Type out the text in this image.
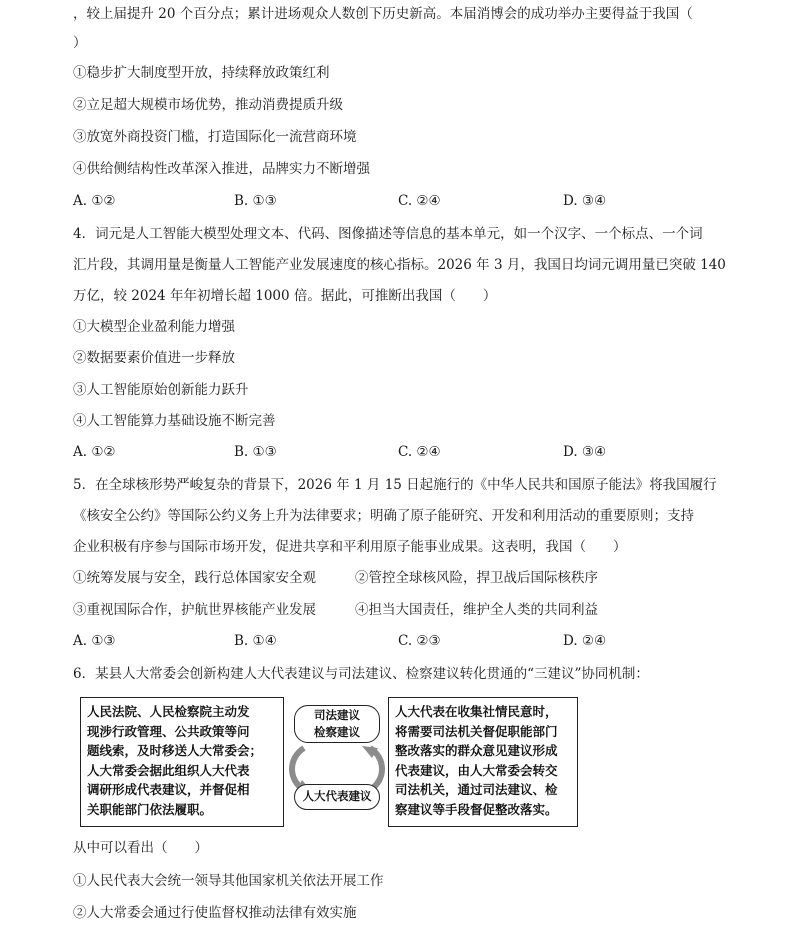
，较上届提升 20 个百分点；累计进场观众人数创下历史新高。本届消博会的成功举办主要得益于我国（
）
①稳步扩大制度型开放，持续释放政策红利
②立足超大规模市场优势，推动消费提质升级
③放宽外商投资门槛，打造国际化一流营商环境
④供给侧结构性改革深入推进，品牌实力不断增强
A. ①②	B. ①③	C. ②④	D. ③④
4．词元是人工智能大模型处理文本、代码、图像描述等信息的基本单元，如一个汉字、一个标点、一个词
汇片段，其调用量是衡量人工智能产业发展速度的核心指标。2026 年 3 月，我国日均词元调用量已突破 140
万亿，较 2024 年年初增长超 1000 倍。据此，可推断出我国（　　）
①大模型企业盈利能力增强
②数据要素价值进一步释放
③人工智能原始创新能力跃升
④人工智能算力基础设施不断完善
A. ①②	B. ①③	C. ②④	D. ③④
5．在全球核形势严峻复杂的背景下，2026 年 1 月 15 日起施行的《中华人民共和国原子能法》将我国履行
《核安全公约》等国际公约义务上升为法律要求；明确了原子能研究、开发和利用活动的重要原则；支持
企业积极有序参与国际市场开发，促进共享和平利用原子能事业成果。这表明，我国（　　）
①统筹发展与安全，践行总体国家安全观	②管控全球核风险，捍卫战后国际核秩序
③重视国际合作，护航世界核能产业发展	④担当大国责任，维护全人类的共同利益
A. ①③	B. ①④	C. ②③	D. ②④
6．某县人大常委会创新构建人大代表建议与司法建议、检察建议转化贯通的“三建议”协同机制：
人民法院、人民检察院主动发
现涉行政管理、公共政策等问
题线索，及时移送人大常委会；
人大常委会据此组织人大代表
调研形成代表建议，并督促相
关职能部门依法履职。
司法建议
检察建议
人大代表建议
人大代表在收集社情民意时，
将需要司法机关督促职能部门
整改落实的群众意见建议形成
代表建议，由人大常委会转交
司法机关，通过司法建议、检
察建议等手段督促整改落实。
从中可以看出（　　）
①人民代表大会统一领导其他国家机关依法开展工作
②人大常委会通过行使监督权推动法律有效实施
